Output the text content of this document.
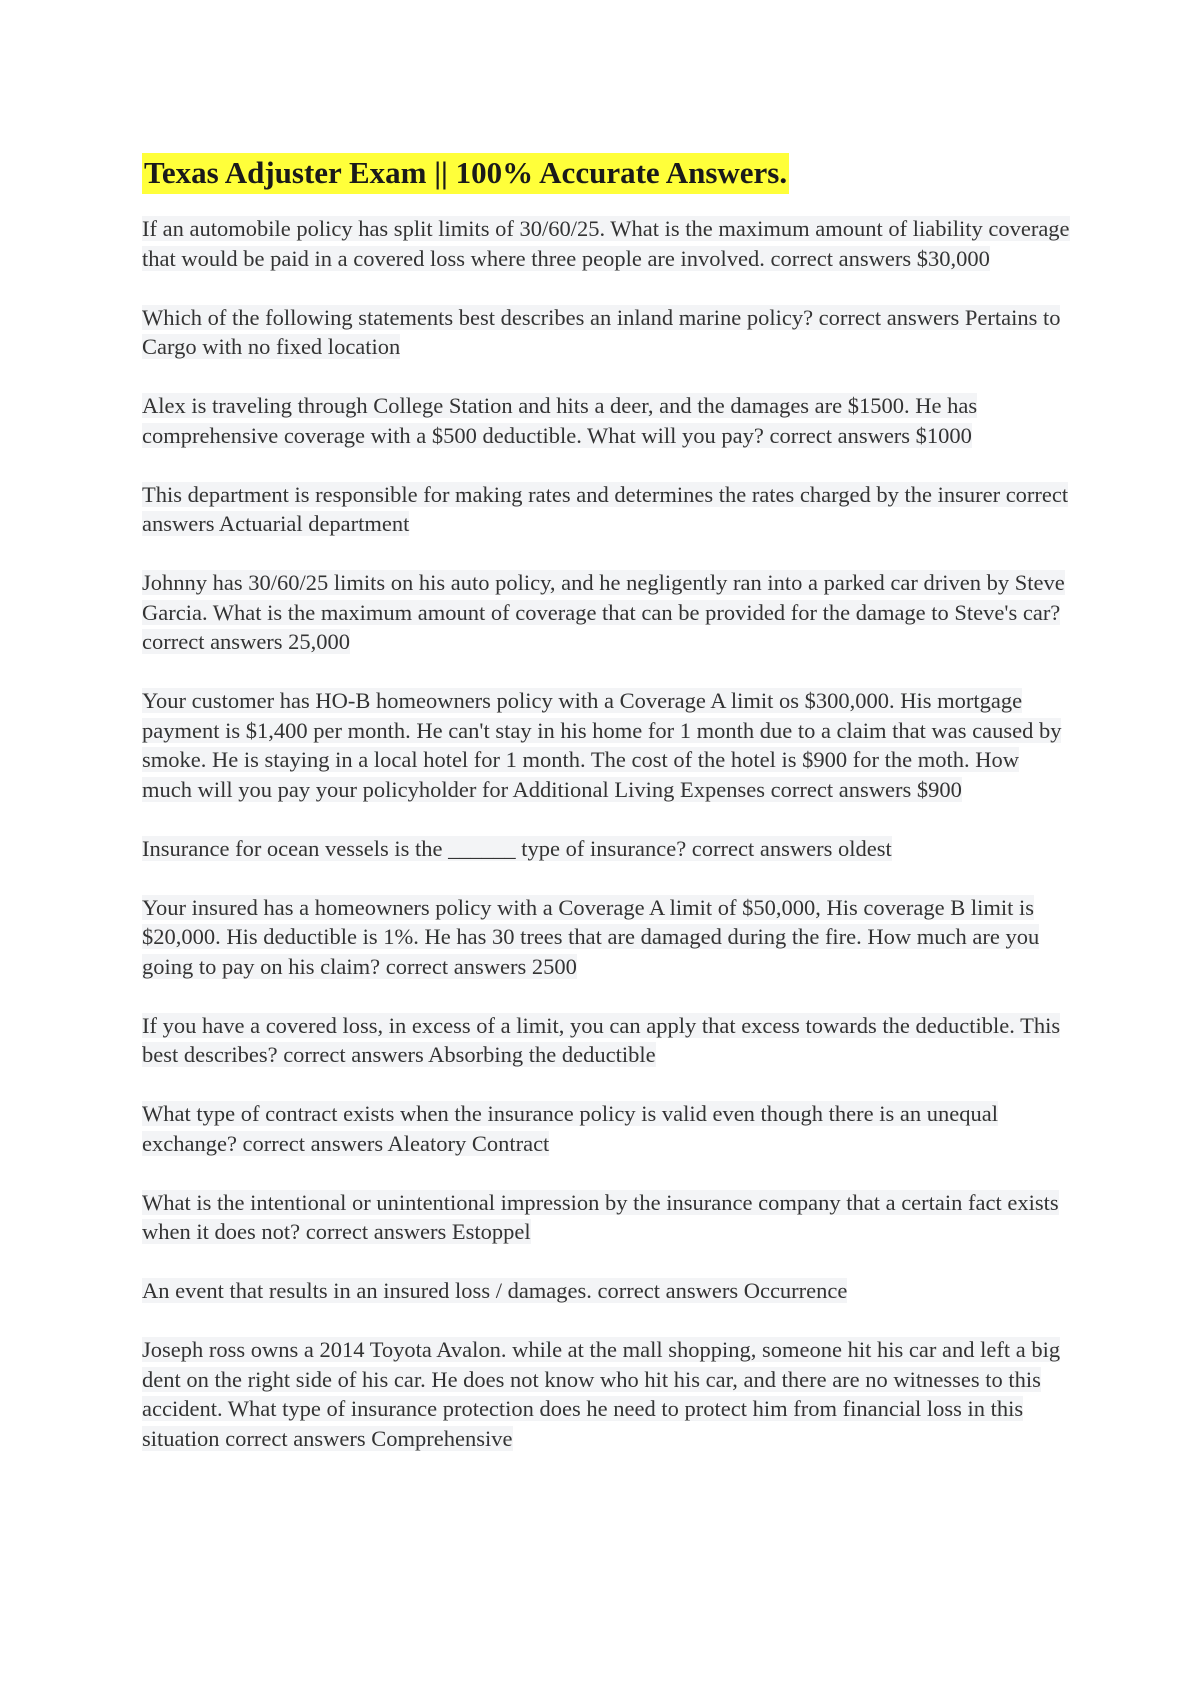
Texas Adjuster Exam || 100% Accurate Answers.

If an automobile policy has split limits of 30/60/25. What is the maximum amount of liability coverage that would be paid in a covered loss where three people are involved. correct answers $30,000

Which of the following statements best describes an inland marine policy? correct answers Pertains to Cargo with no fixed location

Alex is traveling through College Station and hits a deer, and the damages are $1500. He has comprehensive coverage with a $500 deductible. What will you pay? correct answers $1000

This department is responsible for making rates and determines the rates charged by the insurer correct answers Actuarial department

Johnny has 30/60/25 limits on his auto policy, and he negligently ran into a parked car driven by Steve Garcia. What is the maximum amount of coverage that can be provided for the damage to Steve's car? correct answers 25,000

Your customer has HO-B homeowners policy with a Coverage A limit os $300,000. His mortgage payment is $1,400 per month. He can't stay in his home for 1 month due to a claim that was caused by smoke. He is staying in a local hotel for 1 month. The cost of the hotel is $900 for the moth. How much will you pay your policyholder for Additional Living Expenses correct answers $900

Insurance for ocean vessels is the ______ type of insurance? correct answers oldest

Your insured has a homeowners policy with a Coverage A limit of $50,000, His coverage B limit is $20,000. His deductible is 1%. He has 30 trees that are damaged during the fire. How much are you going to pay on his claim? correct answers 2500

If you have a covered loss, in excess of a limit, you can apply that excess towards the deductible. This best describes? correct answers Absorbing the deductible

What type of contract exists when the insurance policy is valid even though there is an unequal exchange? correct answers Aleatory Contract

What is the intentional or unintentional impression by the insurance company that a certain fact exists when it does not? correct answers Estoppel

An event that results in an insured loss / damages. correct answers Occurrence

Joseph ross owns a 2014 Toyota Avalon. while at the mall shopping, someone hit his car and left a big dent on the right side of his car. He does not know who hit his car, and there are no witnesses to this accident. What type of insurance protection does he need to protect him from financial loss in this situation correct answers Comprehensive
